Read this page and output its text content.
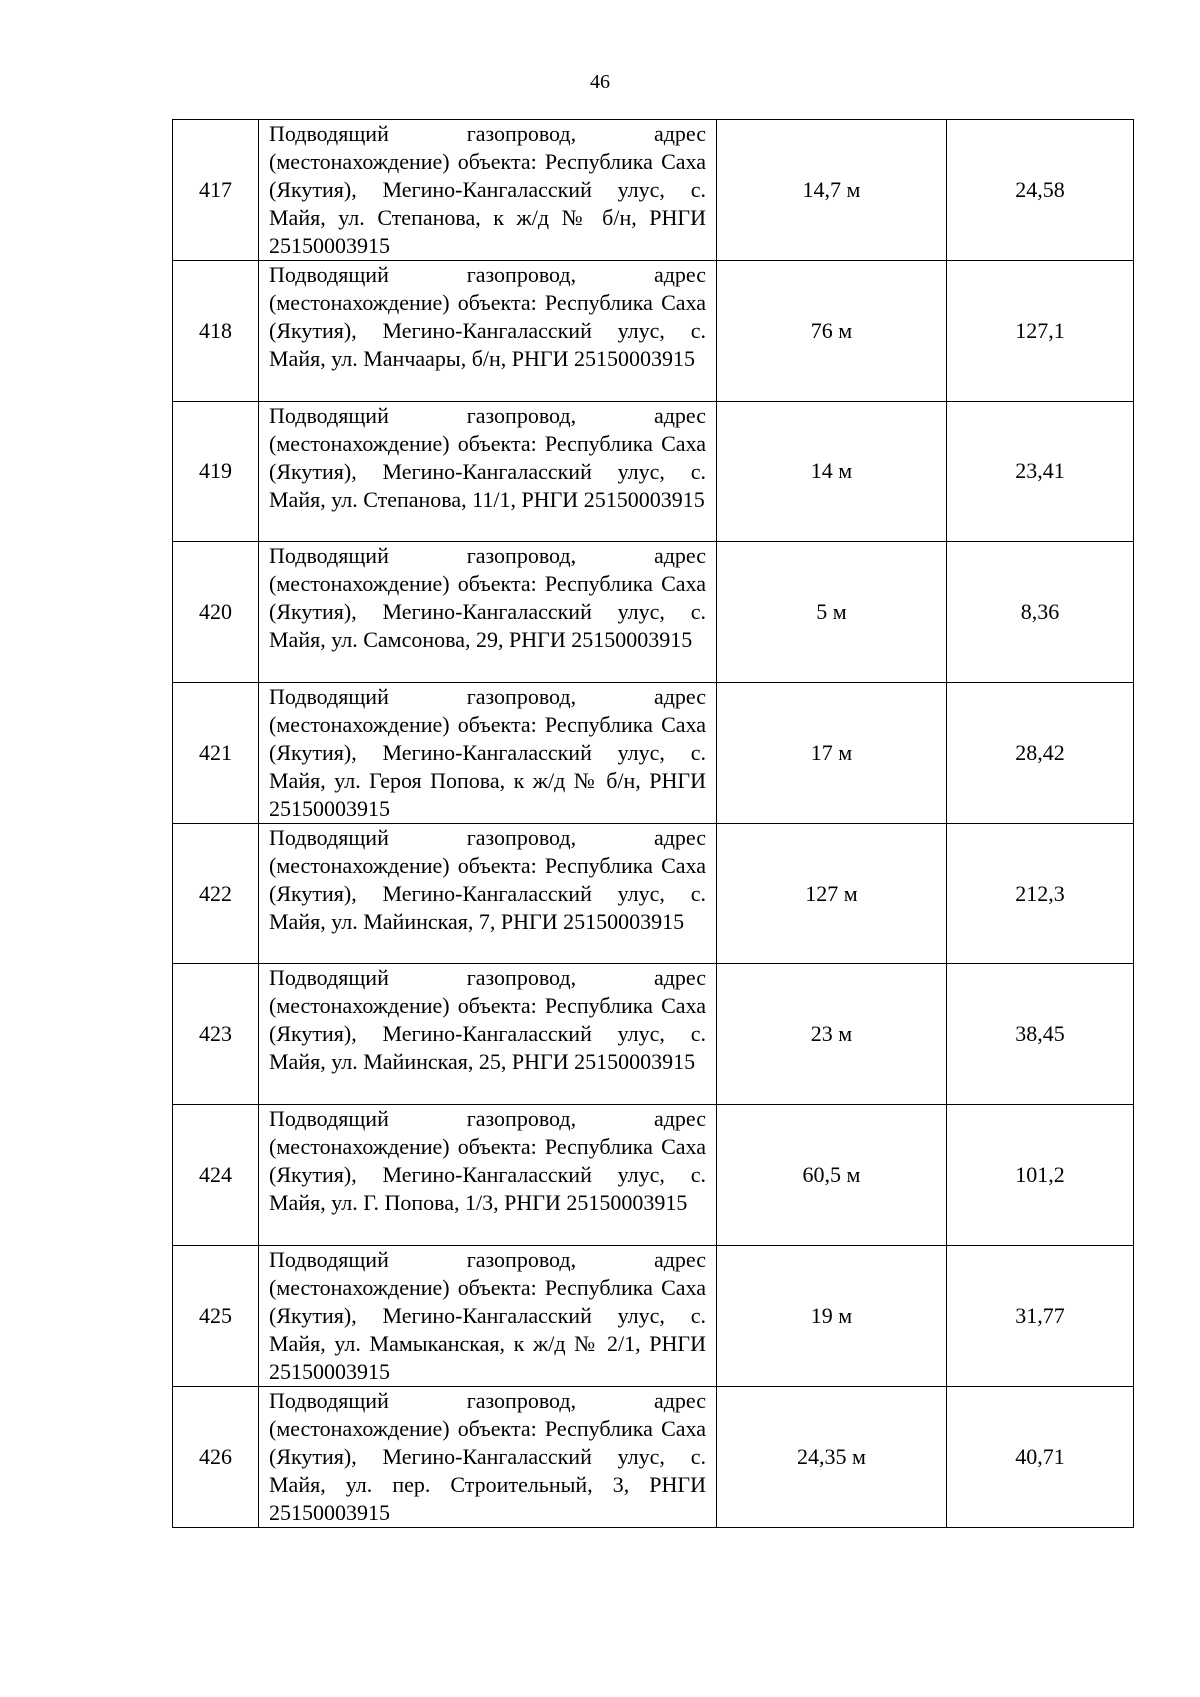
46
417	Подводящий газопровод, адрес (местонахождение) объекта: Республика Саха (Якутия), Мегино-Кангаласский улус, с. Майя, ул. Степанова, к ж/д № б/н, РНГИ 25150003915	14,7 м	24,58
418	Подводящий газопровод, адрес (местонахождение) объекта: Республика Саха (Якутия), Мегино-Кангаласский улус, с. Майя, ул. Манчаары, б/н, РНГИ 25150003915	76 м	127,1
419	Подводящий газопровод, адрес (местонахождение) объекта: Республика Саха (Якутия), Мегино-Кангаласский улус, с. Майя, ул. Степанова, 11/1, РНГИ 25150003915	14 м	23,41
420	Подводящий газопровод, адрес (местонахождение) объекта: Республика Саха (Якутия), Мегино-Кангаласский улус, с. Майя, ул. Самсонова, 29, РНГИ 25150003915	5 м	8,36
421	Подводящий газопровод, адрес (местонахождение) объекта: Республика Саха (Якутия), Мегино-Кангаласский улус, с. Майя, ул. Героя Попова, к ж/д № б/н, РНГИ 25150003915	17 м	28,42
422	Подводящий газопровод, адрес (местонахождение) объекта: Республика Саха (Якутия), Мегино-Кангаласский улус, с. Майя, ул. Майинская, 7, РНГИ 25150003915	127 м	212,3
423	Подводящий газопровод, адрес (местонахождение) объекта: Республика Саха (Якутия), Мегино-Кангаласский улус, с. Майя, ул. Майинская, 25, РНГИ 25150003915	23 м	38,45
424	Подводящий газопровод, адрес (местонахождение) объекта: Республика Саха (Якутия), Мегино-Кангаласский улус, с. Майя, ул. Г. Попова, 1/3, РНГИ 25150003915	60,5 м	101,2
425	Подводящий газопровод, адрес (местонахождение) объекта: Республика Саха (Якутия), Мегино-Кангаласский улус, с. Майя, ул. Мамыканская, к ж/д № 2/1, РНГИ 25150003915	19 м	31,77
426	Подводящий газопровод, адрес (местонахождение) объекта: Республика Саха (Якутия), Мегино-Кангаласский улус, с. Майя, ул. пер. Строительный, 3, РНГИ 25150003915	24,35 м	40,71
